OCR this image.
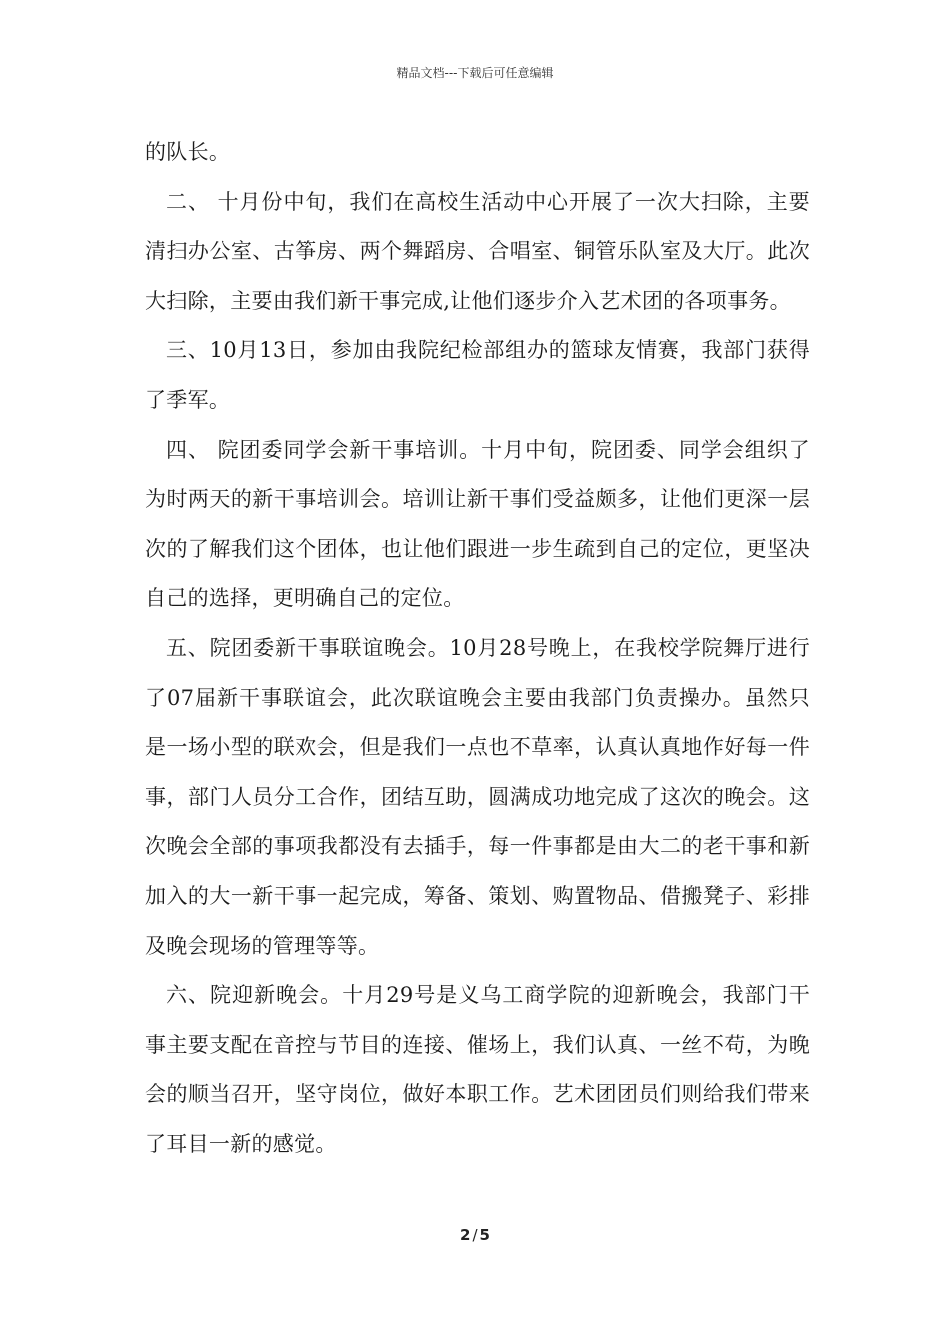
精品文档---下载后可任意编辑

的队长。

二、 十月份中旬，我们在高校生活动中心开展了一次大扫除，主要 清扫办公室、古筝房、两个舞蹈房、合唱室、铜管乐队室及大厅。此次大扫除，主要由我们新干事完成,让他们逐步介入艺术团的各项事务。

三、10月13日，参加由我院纪检部组办的篮球友情赛，我部门获得了季军。

四、 院团委同学会新干事培训。十月中旬，院团委、同学会组织了为时两天的新干事培训会。培训让新干事们受益颇多，让他们更深一层次的了解我们这个团体，也让他们跟进一步生疏到自己的定位，更坚决自己的选择，更明确自己的定位。

五、院团委新干事联谊晚会。10月28号晚上，在我校学院舞厅进行了07届新干事联谊会，此次联谊晚会主要由我部门负责操办。虽然只是一场小型的联欢会，但是我们一点也不草率，认真认真地作好每一件事，部门人员分工合作，团结互助，圆满成功地完成了这次的晚会。这次晚会全部的事项我都没有去插手，每一件事都是由大二的老干事和新加入的大一新干事一起完成，筹备、策划、购置物品、借搬凳子、彩排及晚会现场的管理等等。

六、院迎新晚会。十月29号是义乌工商学院的迎新晚会，我部门干事主要支配在音控与节目的连接、催场上，我们认真、一丝不苟，为晚会的顺当召开，坚守岗位，做好本职工作。艺术团团员们则给我们带来了耳目一新的感觉。

2 / 5
